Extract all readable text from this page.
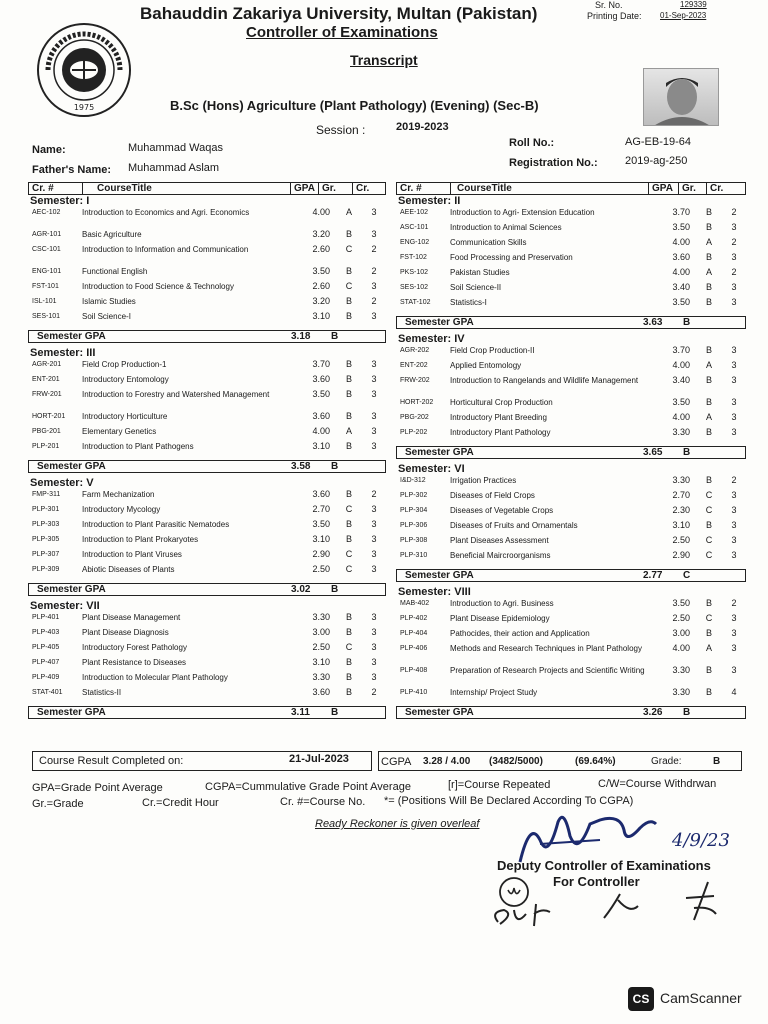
Bahauddin Zakariya University, Multan (Pakistan)
Controller of Examinations
Transcript
Sr. No.	129339
Printing Date: 01-Sep-2023
1975	B.Sc (Hons) Agriculture (Plant Pathology) (Evening) (Sec-B)
Session :	2019-2023
Name:	Muhammad Waqas
Father's Name: Muhammad Aslam
Roll No.:	AG-EB-19-64
Registration No.: 2019-ag-250
Cr. #	CourseTitle	GPA Gr.	Cr.
Semester: I
AEC-102	Introduction to Economics and Agri. Economics	4.00	A	3
AGR-101	Basic Agriculture	3.20	B	3
CSC-101	Introduction to Information and Communication	2.60	C	2
ENG-101	Functional English	3.50	B	2
FST-101	Introduction to Food Science & Technology	2.60	C	3
ISL-101	Islamic Studies	3.20	B	2
SES-101	Soil Science-I	3.10	B	3
Semester GPA	3.18	B
Semester: III
AGR-201	Field Crop Production-1	3.70	B	3
ENT-201	Introductory Entomology	3.60	B	3
FRW-201	Introduction to Forestry and Watershed Management	3.50	B	3
HORT-201	Introductory Horticulture	3.60	B	3
PBG-201	Elementary Genetics	4.00	A	3
PLP-201	Introduction to Plant Pathogens	3.10	B	3
Semester GPA	3.58	B
Semester: V
FMP-311	Farm Mechanization	3.60	B	2
PLP-301	Introductory Mycology	2.70	C	3
PLP-303	Introduction to Plant Parasitic Nematodes	3.50	B	3
PLP-305	Introduction to Plant Prokaryotes	3.10	B	3
PLP-307	Introduction to Plant Viruses	2.90	C	3
PLP-309	Abiotic Diseases of Plants	2.50	C	3
Semester GPA	3.02	B
Semester: VII
PLP-401	Plant Disease Management	3.30	B	3
PLP-403	Plant Disease Diagnosis	3.00	B	3
PLP-405	Introductory Forest Pathology	2.50	C	3
PLP-407	Plant Resistance to Diseases	3.10	B	3
PLP-409	Introduction to Molecular Plant Pathology	3.30	B	3
STAT-401	Statistics-II	3.60	B	2
Semester GPA	3.11	B
Cr. #	CourseTitle	GPA Gr.	Cr.
Semester: II
AEE-102	Introduction to Agri- Extension Education	3.70	B	2
ASC-101	Introduction to Animal Sciences	3.50	B	3
ENG-102	Communication Skills	4.00	A	2
FST-102	Food Processing and Preservation	3.60	B	3
PKS-102	Pakistan Studies	4.00	A	2
SES-102	Soil Science-II	3.40	B	3
STAT-102	Statistics-I	3.50	B	3
Semester GPA	3.63	B
Semester: IV
AGR-202	Field Crop Production-II	3.70	B	3
ENT-202	Applied Entomology	4.00	A	3
FRW-202	Introduction to Rangelands and Wildlife Management	3.40	B	3
HORT-202	Horticultural Crop Production	3.50	B	3
PBG-202	Introductory Plant Breeding	4.00	A	3
PLP-202	Introductory Plant Pathology	3.30	B	3
Semester GPA	3.65	B
Semester: VI
I&D-312	Irrigation Practices	3.30	B	2
PLP-302	Diseases of Field Crops	2.70	C	3
PLP-304	Diseases of Vegetable Crops	2.30	C	3
PLP-306	Diseases of Fruits and Ornamentals	3.10	B	3
PLP-308	Plant Diseases Assessment	2.50	C	3
PLP-310	Beneficial Maircroorganisms	2.90	C	3
Semester GPA	2.77	C
Semester: VIII
MAB-402	Introduction to Agri. Business	3.50	B	2
PLP-402	Plant Disease Epidemiology	2.50	C	3
PLP-404	Pathocides, their action and Application	3.00	B	3
PLP-406	Methods and Research Techniques in Plant Pathology	4.00	A	3
PLP-408	Preparation of Research Projects and Scientific Writing	3.30	B	3
PLP-410	Internship/ Project Study	3.30	B	4
Semester GPA	3.26	B
Course Result Completed on:	21-Jul-2023	CGPA 3.28 / 4.00 (3482/5000)	(69.64%)	Grade:	B
GPA=Grade Point Average	CGPA=Cummulative Grade Point Average	[r]=Course Repeated	C/W=Course Withdrwan
Gr.=Grade	Cr.=Credit Hour	Cr. #=Course No. *= (Positions Will Be Declared According To CGPA)
Ready Reckoner is given overleaf
4/9/23
Deputy Controller of Examinations
For Controller
CS CamScanner
